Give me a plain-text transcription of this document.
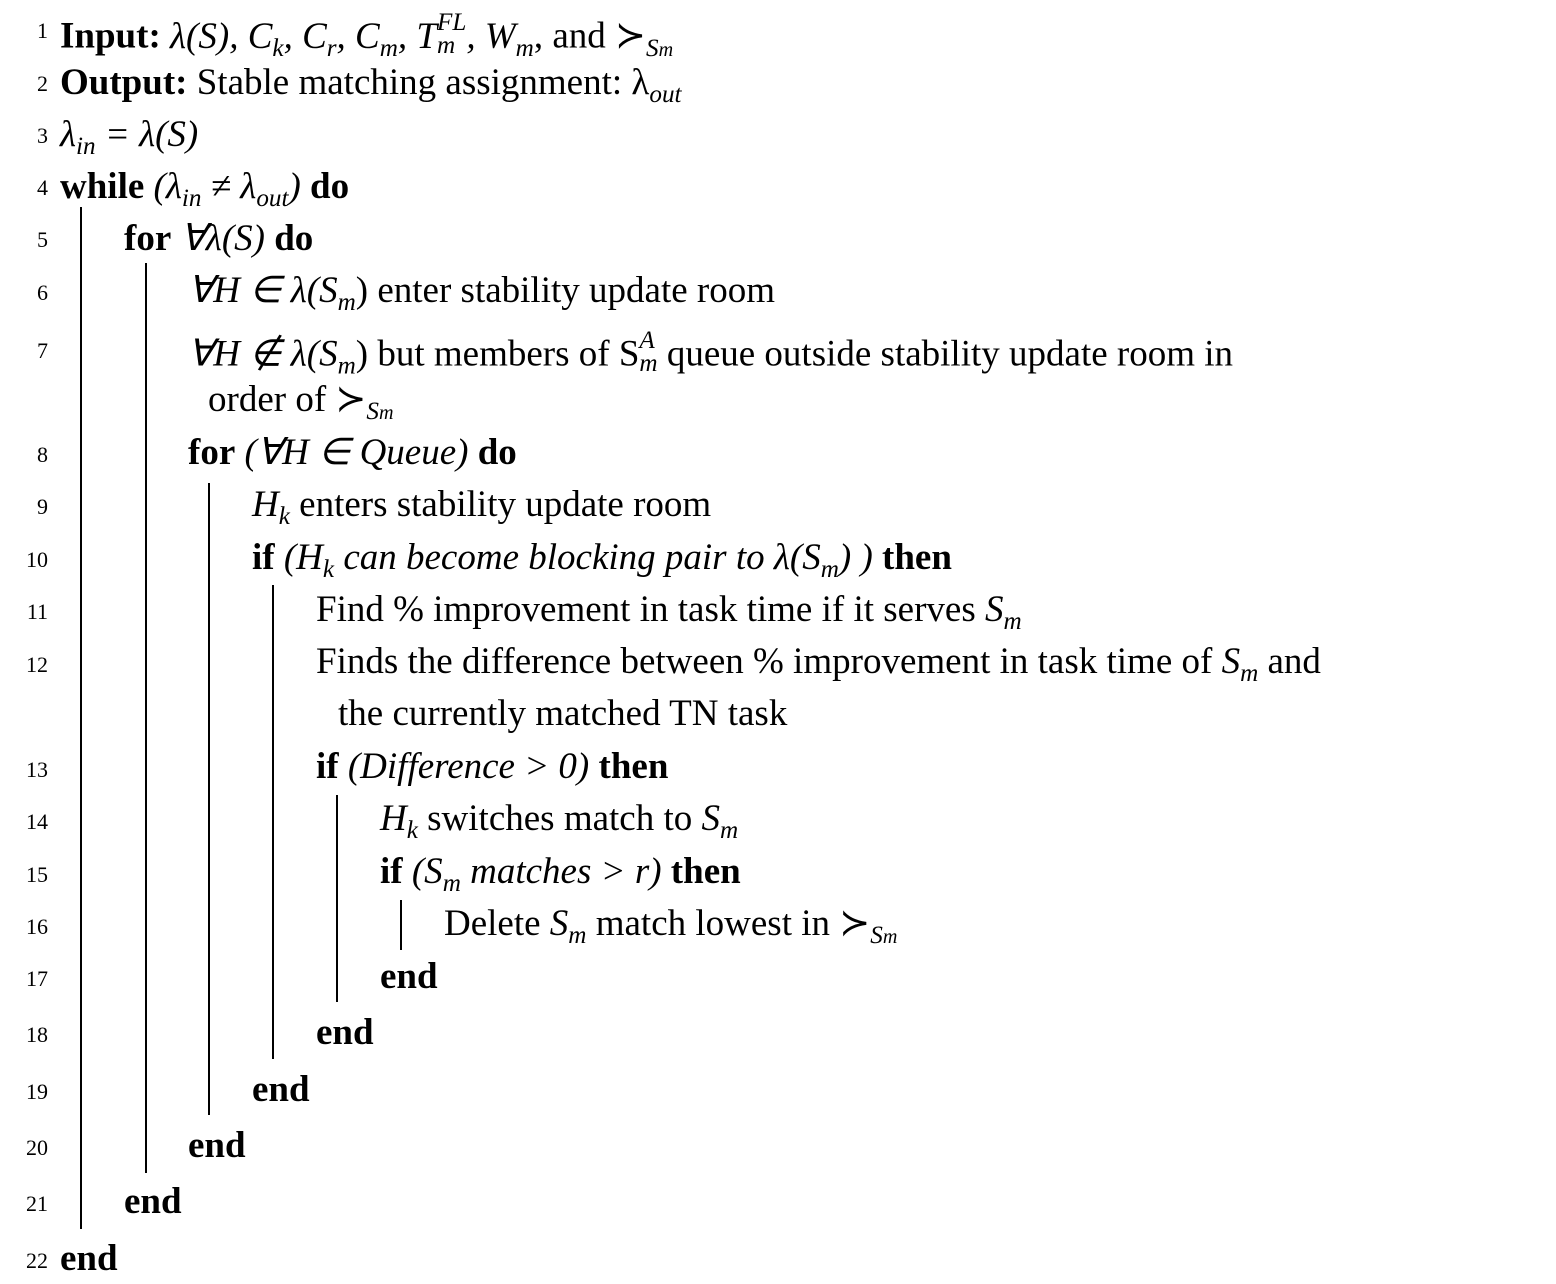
1
2
3
4
5
6
7
8
9
10
11
12
13
14
15
16
17
18
19
20
21
22
Input: λ(S), $C_k$, $C_r$, $C_m$, T FL
m , $W_m$, and $≻_{Sm}$
Output: Stable matching assignment: $\lambda_{out}$
$\lambda_{in} = \lambda(S)$
while $(\lambda_{in} \ne \lambda_{out})$ do
for ∀λ(S) do
∀H ∈ $\lambda(S_m)$ enter stability update room
∀H ∉ $\lambda(S_m)$ but members of S A
m queue outside stability update room in
order of $≻_{Sm}$
for (∀H ∈ Queue) do
$H_k$ enters stability update room
if ($H_k$ can become blocking pair to $\lambda(S_m)$ ) then
Find % improvement in task time if it serves $S_m$
Finds the difference between % improvement in task time of $S_m$ and
the currently matched TN task
if (Difference > 0) then
$H_k$ switches match to $S_m$
if ($S_m$ matches > r) then
Delete $S_m$ match lowest in $≻_{Sm}$
end
end
end
end
end
end
